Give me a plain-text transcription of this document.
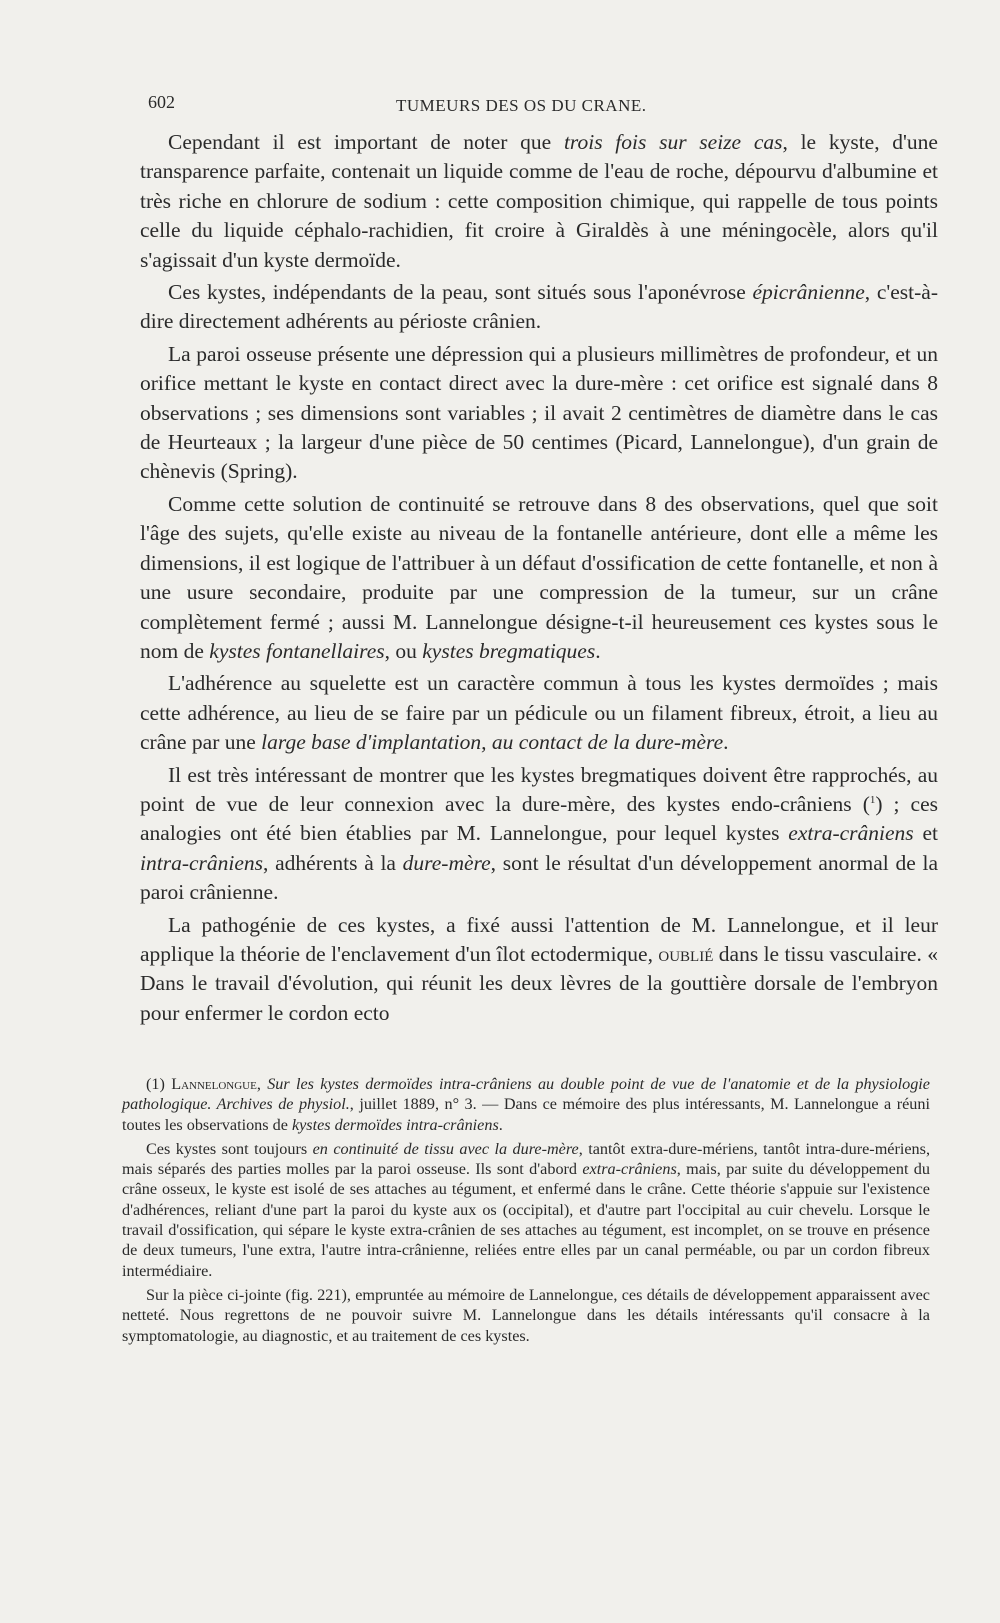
602	TUMEURS DES OS DU CRANE.

Cependant il est important de noter que trois fois sur seize cas, le kyste, d'une transparence parfaite, contenait un liquide comme de l'eau de roche, dépourvu d'albumine et très riche en chlorure de sodium : cette composition chimique, qui rappelle de tous points celle du liquide céphalo-rachidien, fit croire à Giraldès à une méningocèle, alors qu'il s'agissait d'un kyste dermoïde.

Ces kystes, indépendants de la peau, sont situés sous l'aponévrose épicrânienne, c'est-à-dire directement adhérents au périoste crânien.

La paroi osseuse présente une dépression qui a plusieurs millimètres de profondeur, et un orifice mettant le kyste en contact direct avec la dure-mère : cet orifice est signalé dans 8 observations ; ses dimensions sont variables ; il avait 2 centimètres de diamètre dans le cas de Heurteaux ; la largeur d'une pièce de 50 centimes (Picard, Lannelongue), d'un grain de chènevis (Spring).

Comme cette solution de continuité se retrouve dans 8 des observations, quel que soit l'âge des sujets, qu'elle existe au niveau de la fontanelle antérieure, dont elle a même les dimensions, il est logique de l'attribuer à un défaut d'ossification de cette fontanelle, et non à une usure secondaire, produite par une compression de la tumeur, sur un crâne complètement fermé ; aussi M. Lannelongue désigne-t-il heureusement ces kystes sous le nom de kystes fontanellaires, ou kystes bregmatiques.

L'adhérence au squelette est un caractère commun à tous les kystes dermoïdes ; mais cette adhérence, au lieu de se faire par un pédicule ou un filament fibreux, étroit, a lieu au crâne par une large base d'implantation, au contact de la dure-mère.

Il est très intéressant de montrer que les kystes bregmatiques doivent être rapprochés, au point de vue de leur connexion avec la dure-mère, des kystes endo-crâniens ($^1$) ; ces analogies ont été bien établies par M. Lannelongue, pour lequel kystes extra-crâniens et intra-crâniens, adhérents à la dure-mère, sont le résultat d'un développement anormal de la paroi crânienne.

La pathogénie de ces kystes, a fixé aussi l'attention de M. Lannelongue, et il leur applique la théorie de l'enclavement d'un îlot ectodermique, oublié dans le tissu vasculaire. « Dans le travail d'évolution, qui réunit les deux lèvres de la gouttière dorsale de l'embryon pour enfermer le cordon ecto

(1) Lannelongue, Sur les kystes dermoïdes intra-crâniens au double point de vue de l'anatomie et de la physiologie pathologique. Archives de physiol., juillet 1889, n° 3. — Dans ce mémoire des plus intéressants, M. Lannelongue a réuni toutes les observations de kystes dermoïdes intra-crâniens.

Ces kystes sont toujours en continuité de tissu avec la dure-mère, tantôt extra-dure-mériens, tantôt intra-dure-mériens, mais séparés des parties molles par la paroi osseuse. Ils sont d'abord extra-crâniens, mais, par suite du développement du crâne osseux, le kyste est isolé de ses attaches au tégument, et enfermé dans le crâne. Cette théorie s'appuie sur l'existence d'adhérences, reliant d'une part la paroi du kyste aux os (occipital), et d'autre part l'occipital au cuir chevelu. Lorsque le travail d'ossification, qui sépare le kyste extra-crânien de ses attaches au tégument, est incomplet, on se trouve en présence de deux tumeurs, l'une extra, l'autre intra-crânienne, reliées entre elles par un canal perméable, ou par un cordon fibreux intermédiaire.

Sur la pièce ci-jointe (fig. 221), empruntée au mémoire de Lannelongue, ces détails de développement apparaissent avec netteté. Nous regrettons de ne pouvoir suivre M. Lannelongue dans les détails intéressants qu'il consacre à la symptomatologie, au diagnostic, et au traitement de ces kystes.
